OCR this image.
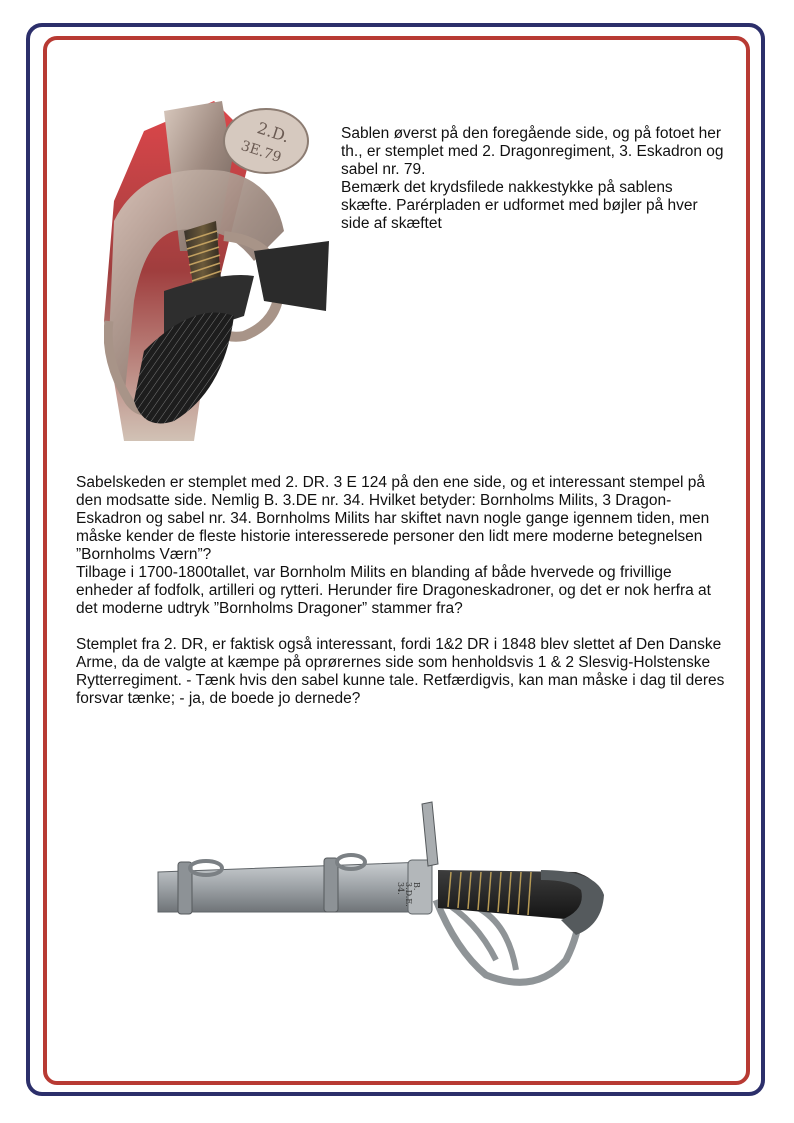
2.D.
3E.79

Sablen øverst på den foregående side, og på fotoet her th., er stemplet med 2. Dragonregiment, 3. Eskadron og sabel nr. 79.

Bemærk det krydsfilede nakkestykke på sablens skæfte. Parérpladen er udformet med bøjler på hver side af skæftet

Sabelskeden er stemplet med 2. DR. 3 E 124 på den ene side, og et interessant stempel på den modsatte side. Nemlig B. 3.DE nr. 34. Hvilket betyder: Bornholms Milits, 3 Dragon-Eskadron og sabel nr. 34. Bornholms Milits har skiftet navn nogle gange igennem tiden, men måske kender de fleste historie interesserede personer den lidt mere moderne betegnelsen ”Bornholms Værn”?

Tilbage i 1700-1800tallet, var Bornholm Milits en blanding af både hvervede og frivillige enheder af fodfolk, artilleri og rytteri. Herunder fire Dragoneskadroner, og det er nok herfra at det moderne udtryk ”Bornholms Dragoner” stammer fra?

Stemplet fra 2. DR, er faktisk også interessant, fordi 1&2 DR i 1848 blev slettet af Den Danske Arme, da de valgte at kæmpe på oprørernes side som henholdsvis 1 & 2 Slesvig-Holstenske Rytterregiment. - Tænk hvis den sabel kunne tale. Retfærdigvis, kan man måske i dag til deres forsvar tænke; - ja, de boede jo dernede?

B.
3.D.E.
34.
